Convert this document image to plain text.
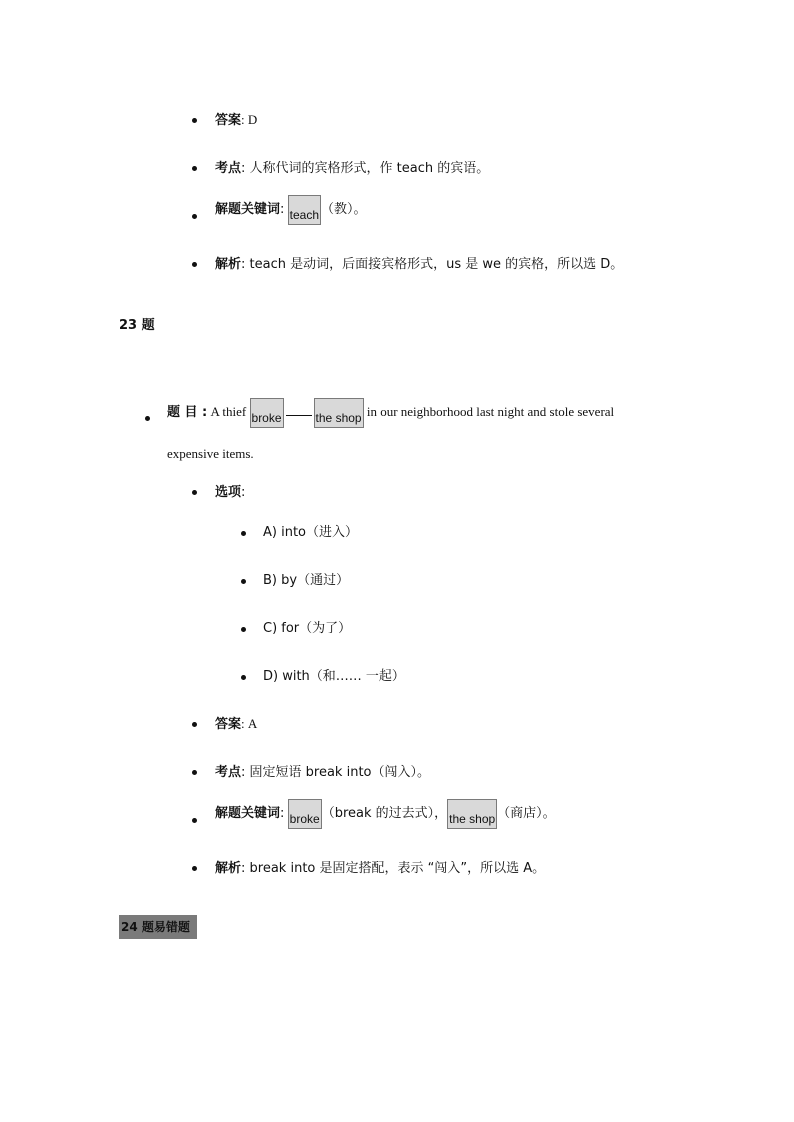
答案: D
考点: 人称代词的宾格形式，作 teach 的宾语。
解题关键词: teach （教）。
解析: teach 是动词，后面接宾格形式，us 是 we 的宾格，所以选 D。
23 题
题 目 : A thief broke	the shop in our neighborhood last night and stole several
expensive items.
选项:
A) into（进入）
B) by（通过）
C) for（为了）
D) with（和…… 一起）
答案: A
考点: 固定短语 break into（闯入）。
解题关键词: broke （break 的过去式）， the shop （商店）。
解析: break into 是固定搭配，表示 “闯入”，所以选 A。
24 题易错题
